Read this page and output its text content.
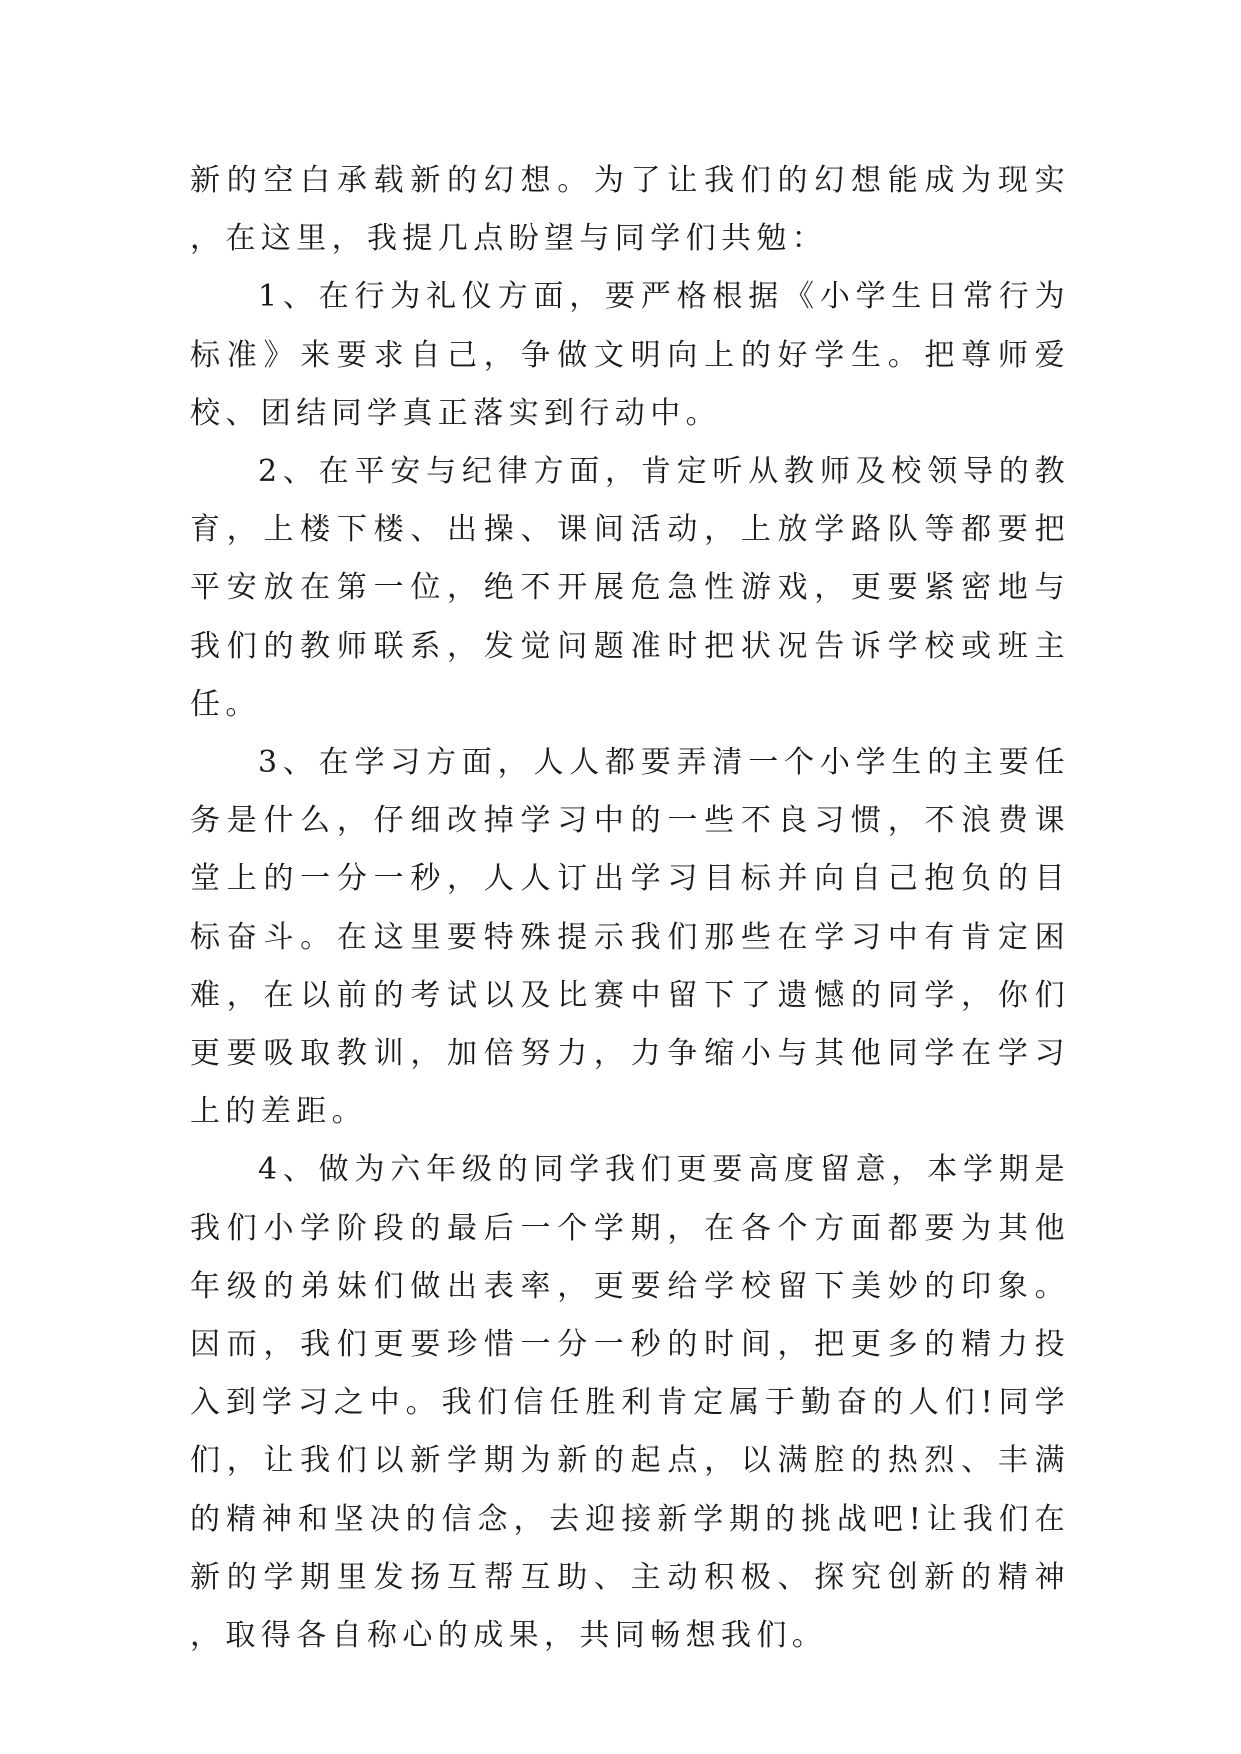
新的空白承载新的幻想。为了让我们的幻想能成为现实，在这里，我提几点盼望与同学们共勉：

1、在行为礼仪方面，要严格根据《小学生日常行为标准》来要求自己，争做文明向上的好学生。把尊师爱校、团结同学真正落实到行动中。

2、在平安与纪律方面，肯定听从教师及校领导的教育，上楼下楼、出操、课间活动，上放学路队等都要把平安放在第一位，绝不开展危急性游戏，更要紧密地与我们的教师联系，发觉问题准时把状况告诉学校或班主任。

3、在学习方面，人人都要弄清一个小学生的主要任务是什么，仔细改掉学习中的一些不良习惯，不浪费课堂上的一分一秒，人人订出学习目标并向自己抱负的目标奋斗。在这里要特殊提示我们那些在学习中有肯定困难，在以前的考试以及比赛中留下了遗憾的同学，你们更要吸取教训，加倍努力，力争缩小与其他同学在学习上的差距。

4、做为六年级的同学我们更要高度留意，本学期是我们小学阶段的最后一个学期，在各个方面都要为其他年级的弟妹们做出表率，更要给学校留下美妙的印象。因而，我们更要珍惜一分一秒的时间，把更多的精力投入到学习之中。我们信任胜利肯定属于勤奋的人们!同学们，让我们以新学期为新的起点，以满腔的热烈、丰满的精神和坚决的信念，去迎接新学期的挑战吧!让我们在新的学期里发扬互帮互助、主动积极、探究创新的精神，取得各自称心的成果，共同畅想我们。
